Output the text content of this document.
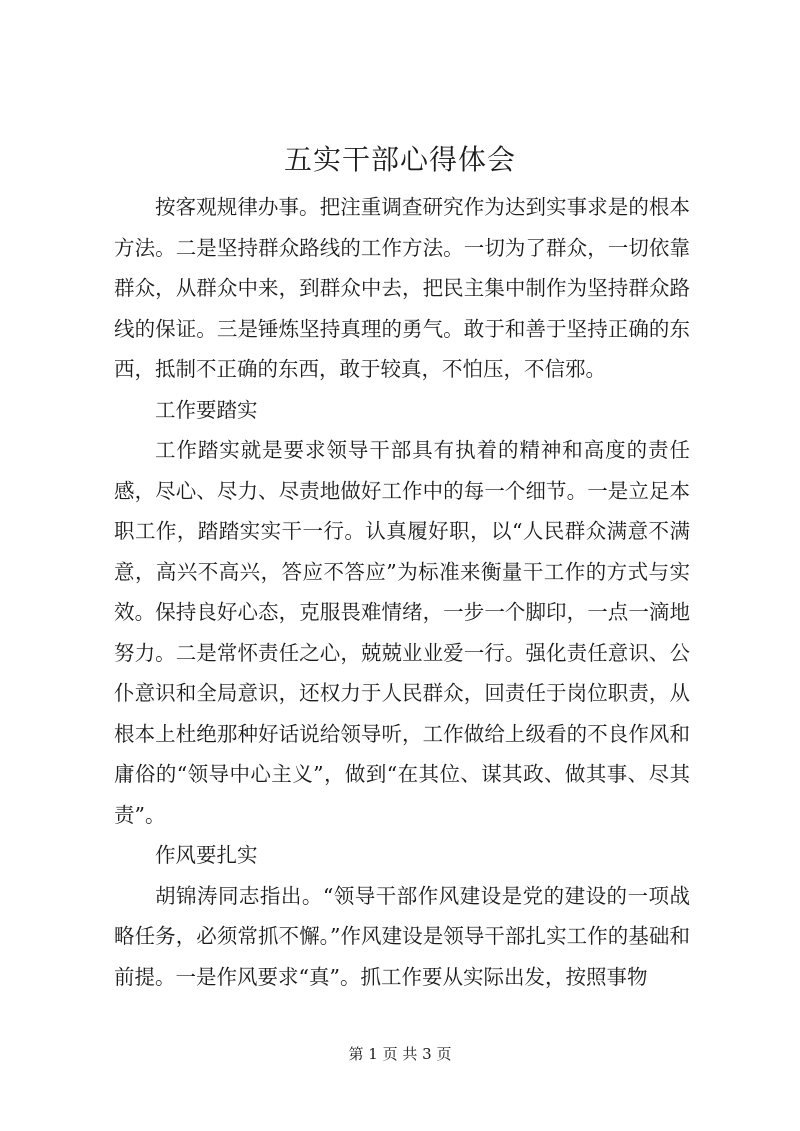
五实干部心得体会

按客观规律办事。把注重调查研究作为达到实事求是的根本方法。二是坚持群众路线的工作方法。一切为了群众，一切依靠群众，从群众中来，到群众中去，把民主集中制作为坚持群众路线的保证。三是锤炼坚持真理的勇气。敢于和善于坚持正确的东西，抵制不正确的东西，敢于较真，不怕压，不信邪。

工作要踏实

工作踏实就是要求领导干部具有执着的精神和高度的责任感，尽心、尽力、尽责地做好工作中的每一个细节。一是立足本职工作，踏踏实实干一行。认真履好职，以“人民群众满意不满意，高兴不高兴，答应不答应”为标准来衡量干工作的方式与实效。保持良好心态，克服畏难情绪，一步一个脚印，一点一滴地努力。二是常怀责任之心，兢兢业业爱一行。强化责任意识、公仆意识和全局意识，还权力于人民群众，回责任于岗位职责，从根本上杜绝那种好话说给领导听，工作做给上级看的不良作风和庸俗的“领导中心主义”，做到“在其位、谋其政、做其事、尽其责”。

作风要扎实

胡锦涛同志指出。“领导干部作风建设是党的建设的一项战略任务，必须常抓不懈。”作风建设是领导干部扎实工作的基础和前提。一是作风要求“真”。抓工作要从实际出发，按照事物

第 1 页 共 3 页
